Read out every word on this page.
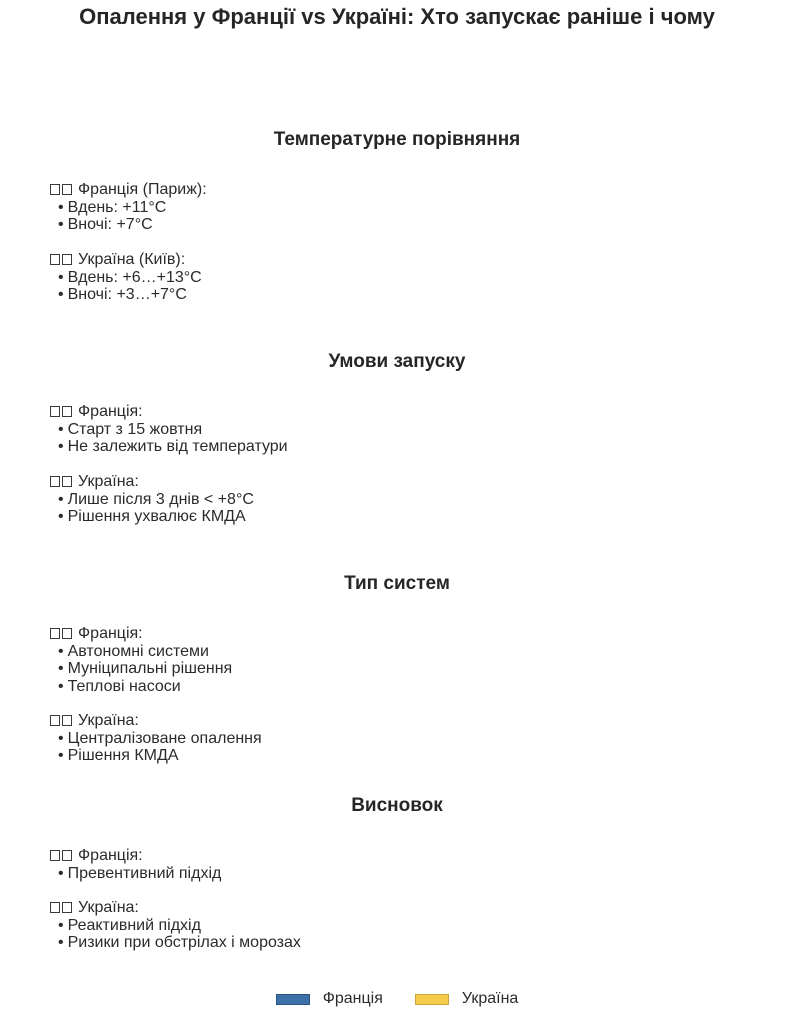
Опалення у Франції vs Україні: Хто запускає раніше і чому
Температурне порівняння
Франція (Париж):
• Вдень: +11°C
• Вночі: +7°C
Україна (Київ):
• Вдень: +6…+13°C
• Вночі: +3…+7°C
Умови запуску
Франція:
• Старт з 15 жовтня
• Не залежить від температури
Україна:
• Лише після 3 днів < +8°C
• Рішення ухвалює КМДА
Тип систем
Франція:
• Автономні системи
• Муніципальні рішення
• Теплові насоси
Україна:
• Централізоване опалення
• Рішення КМДА
Висновок
Франція:
• Превентивний підхід
Україна:
• Реактивний підхід
• Ризики при обстрілах і морозах
Франція	Україна
